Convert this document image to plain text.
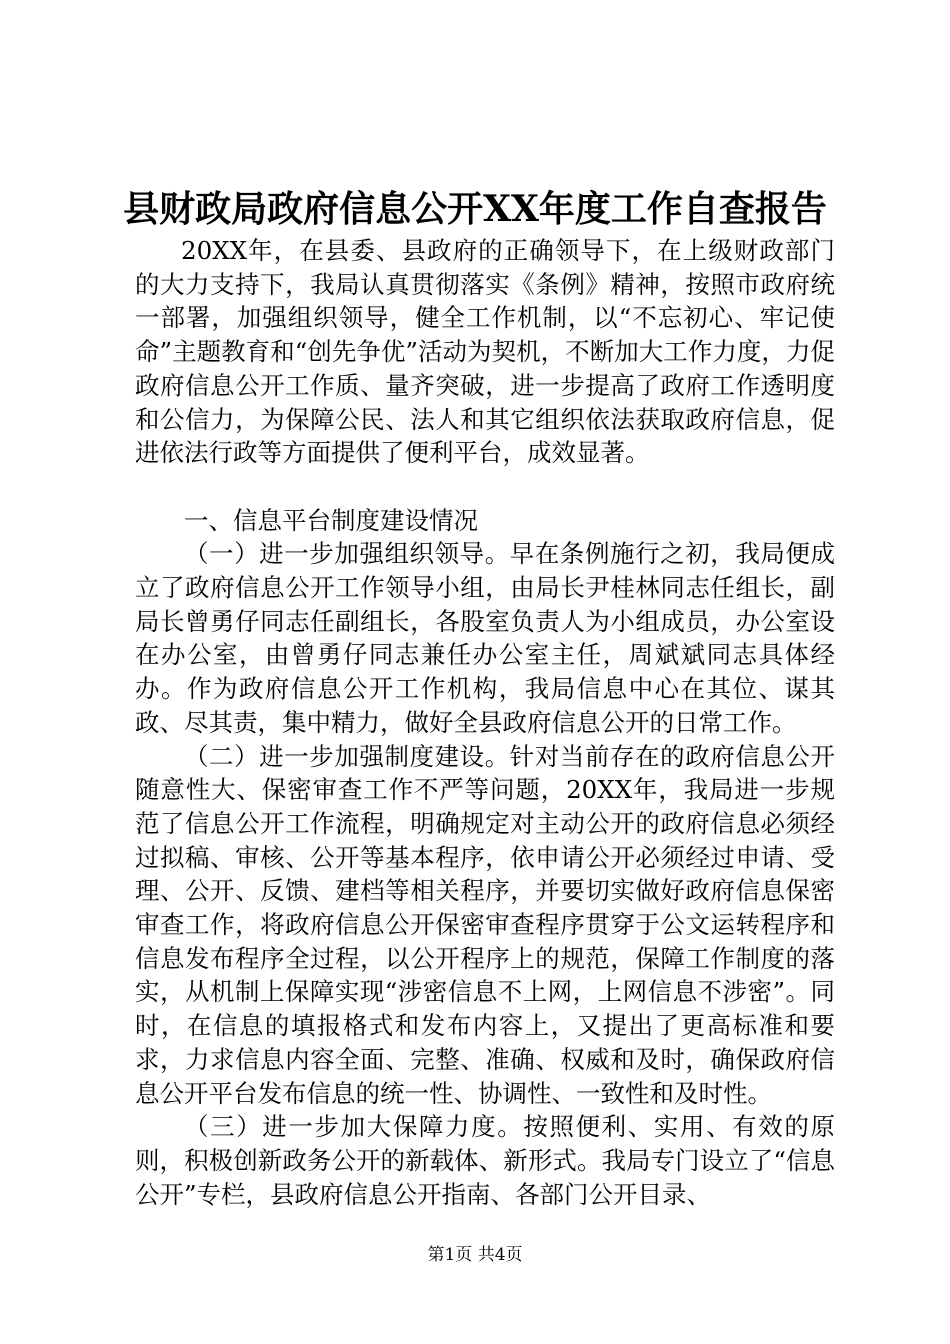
县财政局政府信息公开XX年度工作自查报告

20XX年，在县委、县政府的正确领导下，在上级财政部门的大力支持下，我局认真贯彻落实《条例》精神，按照市政府统一部署，加强组织领导，健全工作机制，以“不忘初心、牢记使命”主题教育和“创先争优”活动为契机，不断加大工作力度，力促政府信息公开工作质、量齐突破，进一步提高了政府工作透明度和公信力，为保障公民、法人和其它组织依法获取政府信息，促进依法行政等方面提供了便利平台，成效显著。

一、信息平台制度建设情况

（一）进一步加强组织领导。早在条例施行之初，我局便成立了政府信息公开工作领导小组，由局长尹桂林同志任组长，副局长曾勇仔同志任副组长，各股室负责人为小组成员，办公室设在办公室，由曾勇仔同志兼任办公室主任，周斌斌同志具体经办。作为政府信息公开工作机构，我局信息中心在其位、谋其政、尽其责，集中精力，做好全县政府信息公开的日常工作。

（二）进一步加强制度建设。针对当前存在的政府信息公开随意性大、保密审查工作不严等问题，20XX年，我局进一步规范了信息公开工作流程，明确规定对主动公开的政府信息必须经过拟稿、审核、公开等基本程序，依申请公开必须经过申请、受理、公开、反馈、建档等相关程序，并要切实做好政府信息保密审查工作，将政府信息公开保密审查程序贯穿于公文运转程序和信息发布程序全过程，以公开程序上的规范，保障工作制度的落实，从机制上保障实现“涉密信息不上网，上网信息不涉密”。同时，在信息的填报格式和发布内容上，又提出了更高标准和要求，力求信息内容全面、完整、准确、权威和及时，确保政府信息公开平台发布信息的统一性、协调性、一致性和及时性。

（三）进一步加大保障力度。按照便利、实用、有效的原则，积极创新政务公开的新载体、新形式。我局专门设立了“信息公开”专栏，县政府信息公开指南、各部门公开目录、

第1页 共4页
